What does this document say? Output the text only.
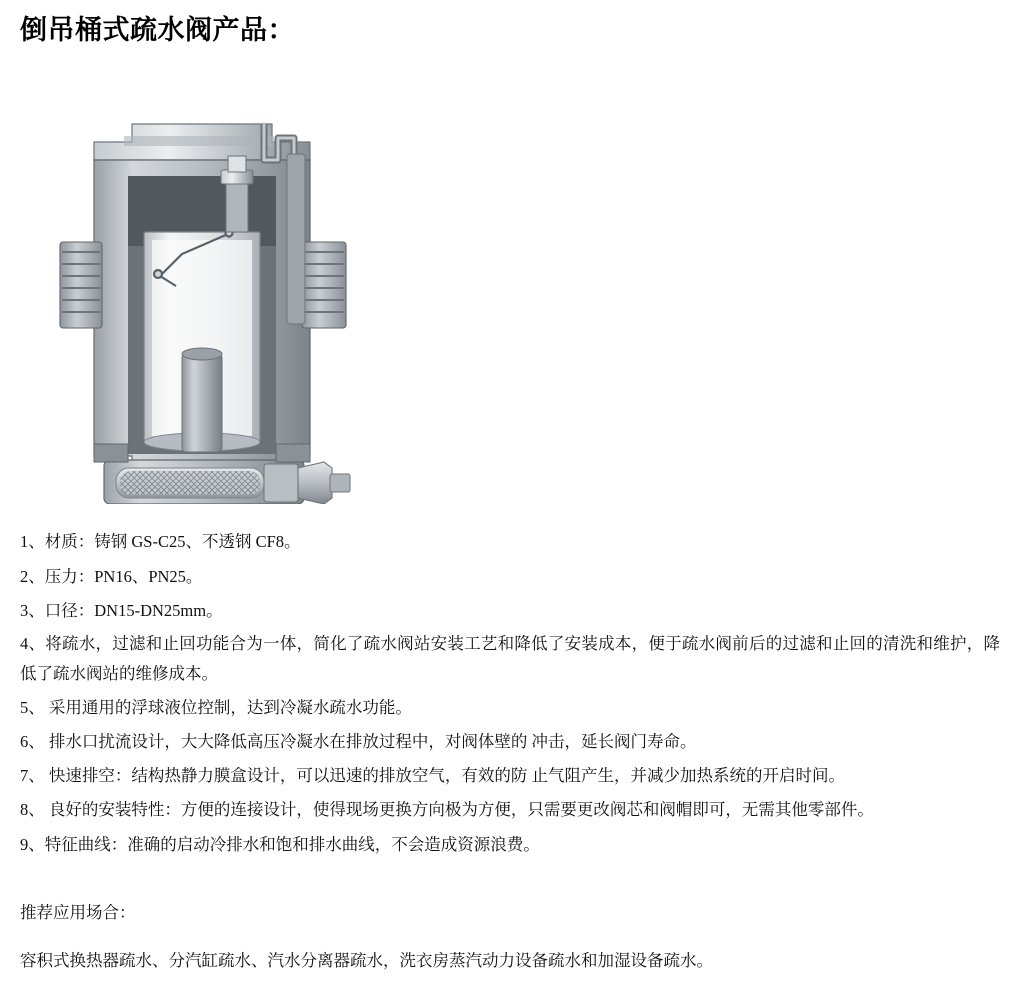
倒吊桶式疏水阀产品：

1、材质：铸钢 GS-C25、不透钢 CF8。

2、压力：PN16、PN25。

3、口径：DN15-DN25mm。

4、将疏水，过滤和止回功能合为一体，简化了疏水阀站安装工艺和降低了安装成本，便于疏水阀前后的过滤和止回的清洗和维护，降低了疏水阀站的维修成本。

5、 采用通用的浮球液位控制，达到冷凝水疏水功能。

6、 排水口扰流设计，大大降低高压冷凝水在排放过程中，对阀体壁的 冲击，延长阀门寿命。

7、 快速排空：结构热静力膜盒设计，可以迅速的排放空气，有效的防 止气阻产生，并减少加热系统的开启时间。

8、 良好的安装特性：方便的连接设计，使得现场更换方向极为方便，只需要更改阀芯和阀帽即可，无需其他零部件。

9、特征曲线：准确的启动冷排水和饱和排水曲线，不会造成资源浪费。

推荐应用场合：

容积式换热器疏水、分汽缸疏水、汽水分离器疏水，洗衣房蒸汽动力设备疏水和加湿设备疏水。
